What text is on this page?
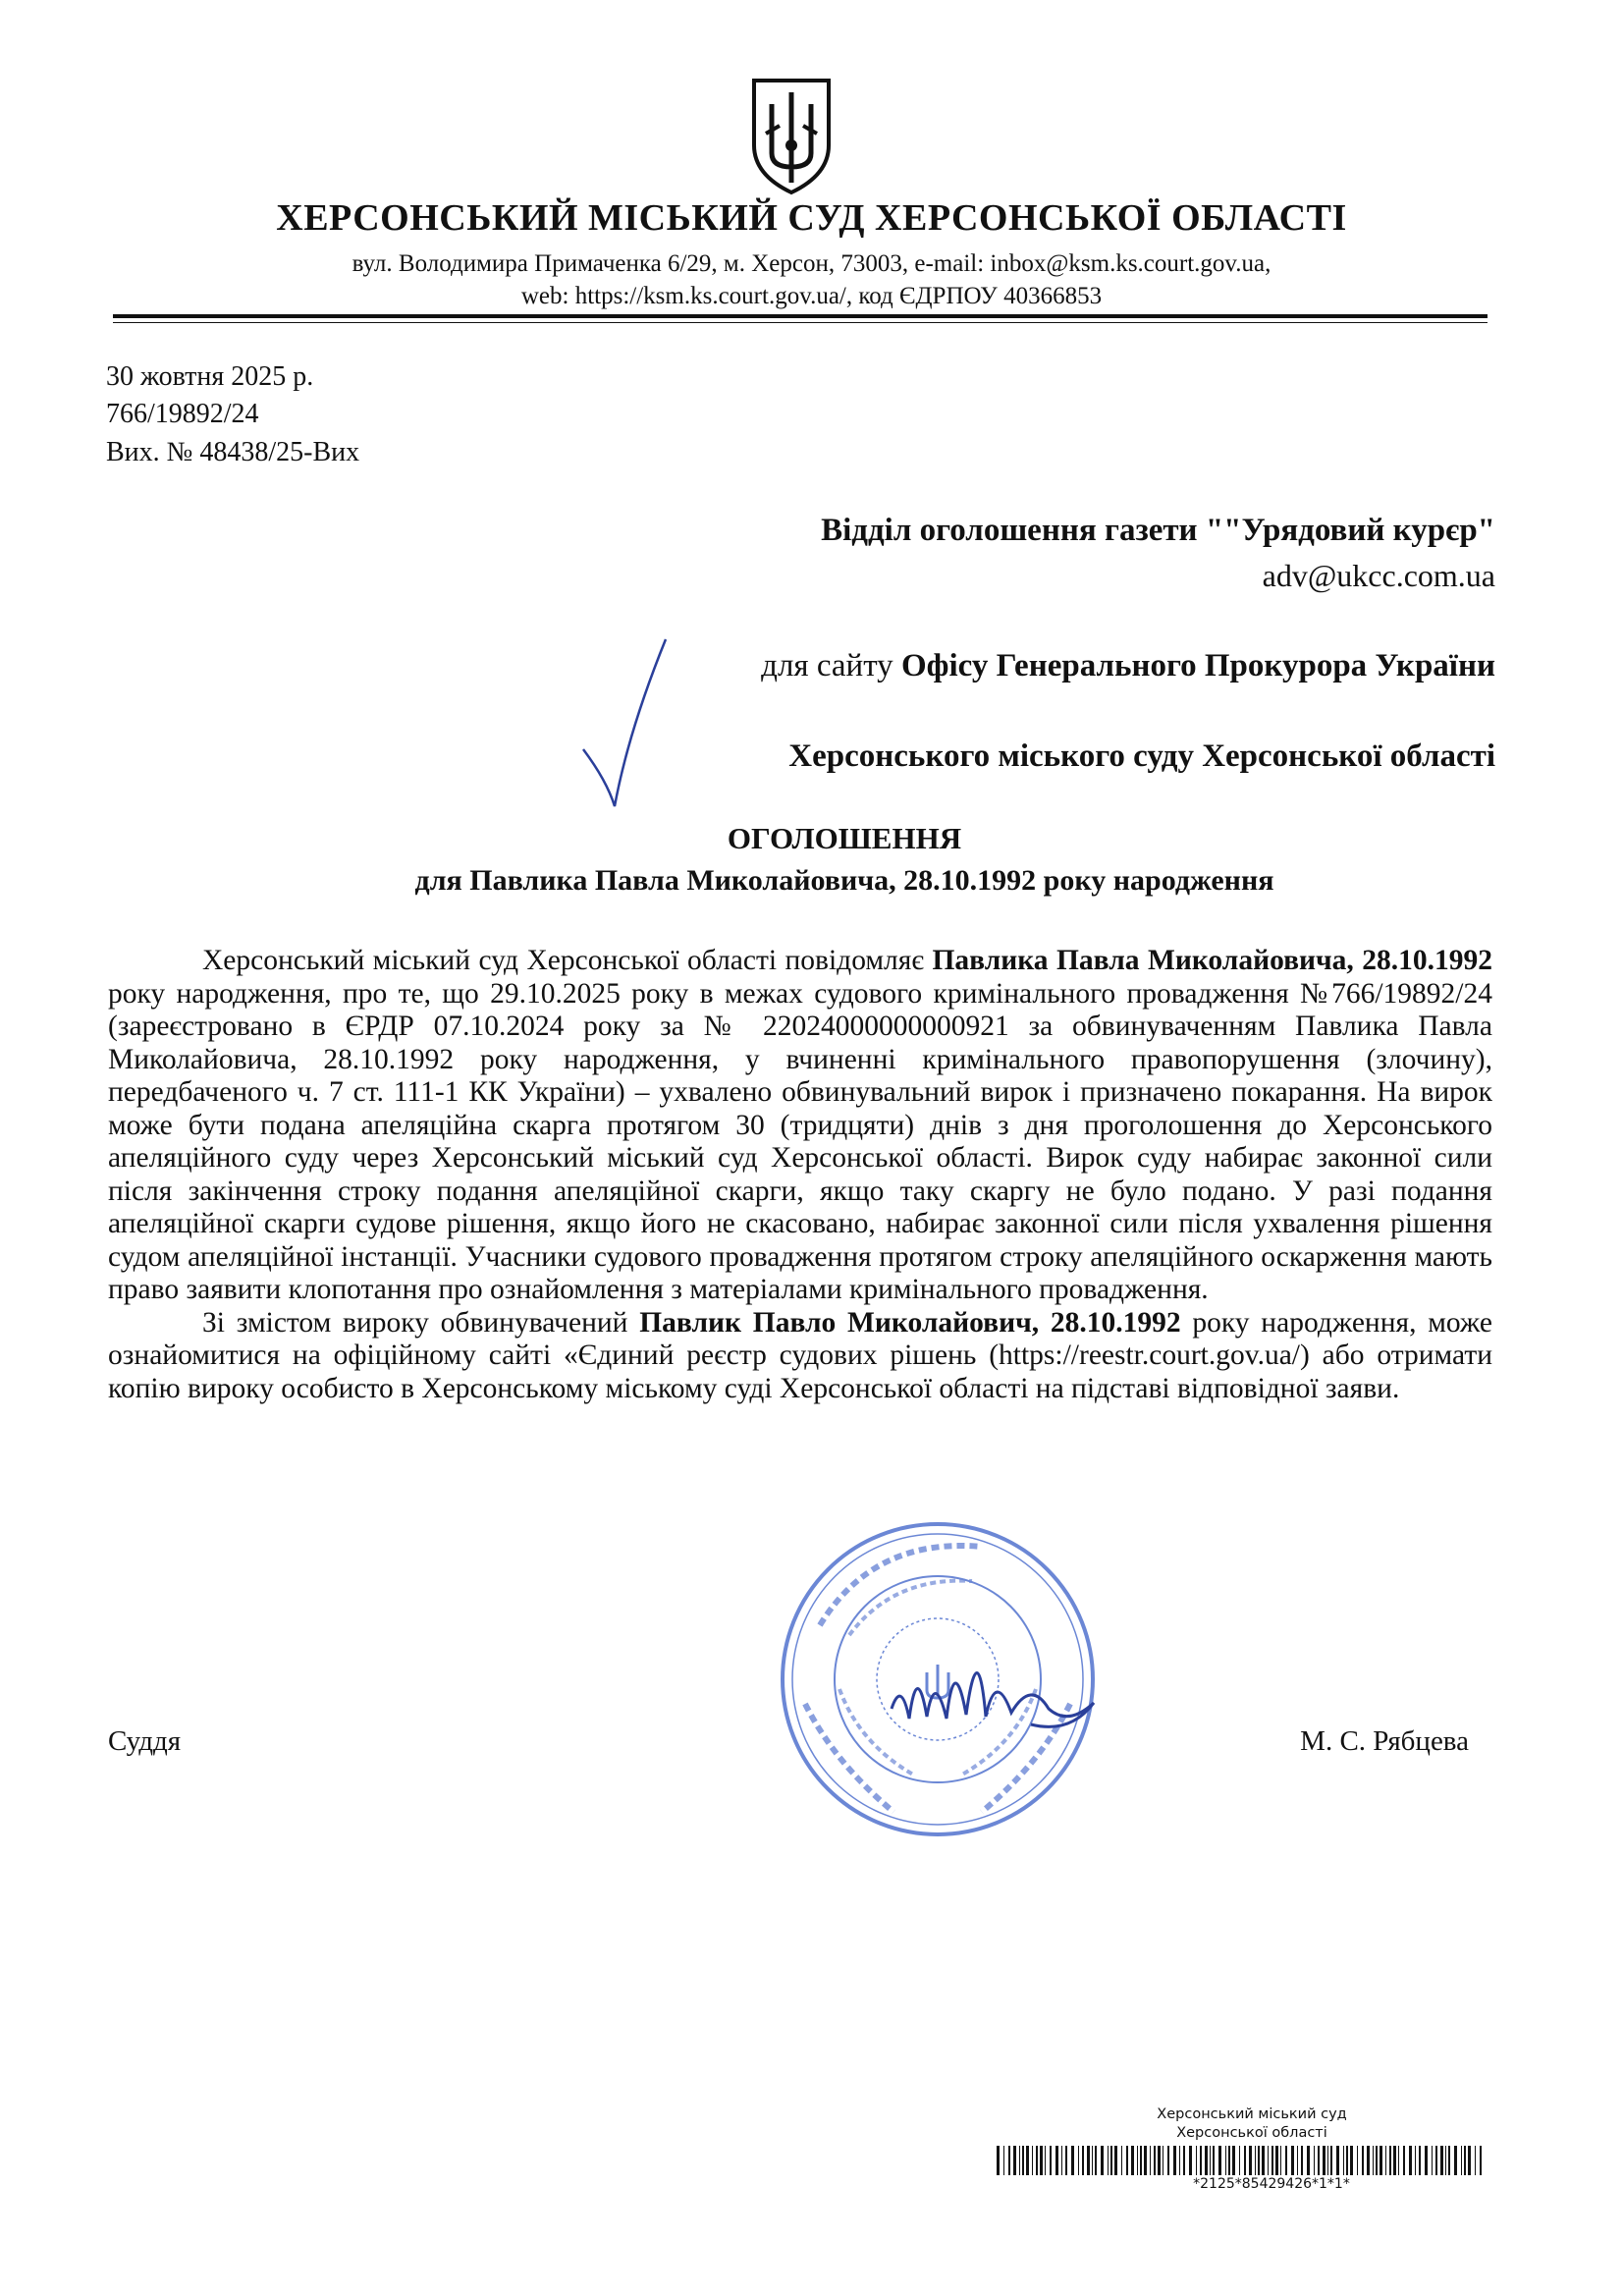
ХЕРСОНСЬКИЙ МІСЬКИЙ СУД ХЕРСОНСЬКОЇ ОБЛАСТІ
вул. Володимира Примаченка 6/29, м. Херсон, 73003, e-mail: inbox@ksm.ks.court.gov.ua,
web: https://ksm.ks.court.gov.ua/, код ЄДРПОУ 40366853
30 жовтня 2025 р.
766/19892/24
Вих. № 48438/25-Вих
Відділ оголошення газети ""Урядовий курєр"
adv@ukcc.com.ua
для сайту Офісу Генерального Прокурора України
Херсонського міського суду Херсонської області
ОГОЛОШЕННЯ
для Павлика Павла Миколайовича, 28.10.1992 року народження

Херсонський міський суд Херсонської області повідомляє Павлика Павла Миколайовича, 28.10.1992 року народження, про те, що 29.10.2025 року в межах судового кримінального провадження №766/19892/24 (зареєстровано в ЄРДР 07.10.2024 року за № 22024000000000921 за обвинуваченням Павлика Павла Миколайовича, 28.10.1992 року народження, у вчиненні кримінального правопорушення (злочину), передбаченого ч. 7 ст. 111-1 КК України) – ухвалено обвинувальний вирок і призначено покарання. На вирок може бути подана апеляційна скарга протягом 30 (тридцяти) днів з дня проголошення до Херсонського апеляційного суду через Херсонський міський суд Херсонської області. Вирок суду набирає законної сили після закінчення строку подання апеляційної скарги, якщо таку скаргу не було подано. У разі подання апеляційної скарги судове рішення, якщо його не скасовано, набирає законної сили після ухвалення рішення судом апеляційної інстанції. Учасники судового провадження протягом строку апеляційного оскарження мають право заявити клопотання про ознайомлення з матеріалами кримінального провадження.

Зі змістом вироку обвинувачений Павлик Павло Миколайович, 28.10.1992 року народження, може ознайомитися на офіційному сайті «Єдиний реєстр судових рішень (https://reestr.court.gov.ua/) або отримати копію вироку особисто в Херсонському міському суді Херсонської області на підставі відповідної заяви.

Суддя	М. С. Рябцева
Херсонський міський суд
Херсонської області
*2125*85429426*1*1*
